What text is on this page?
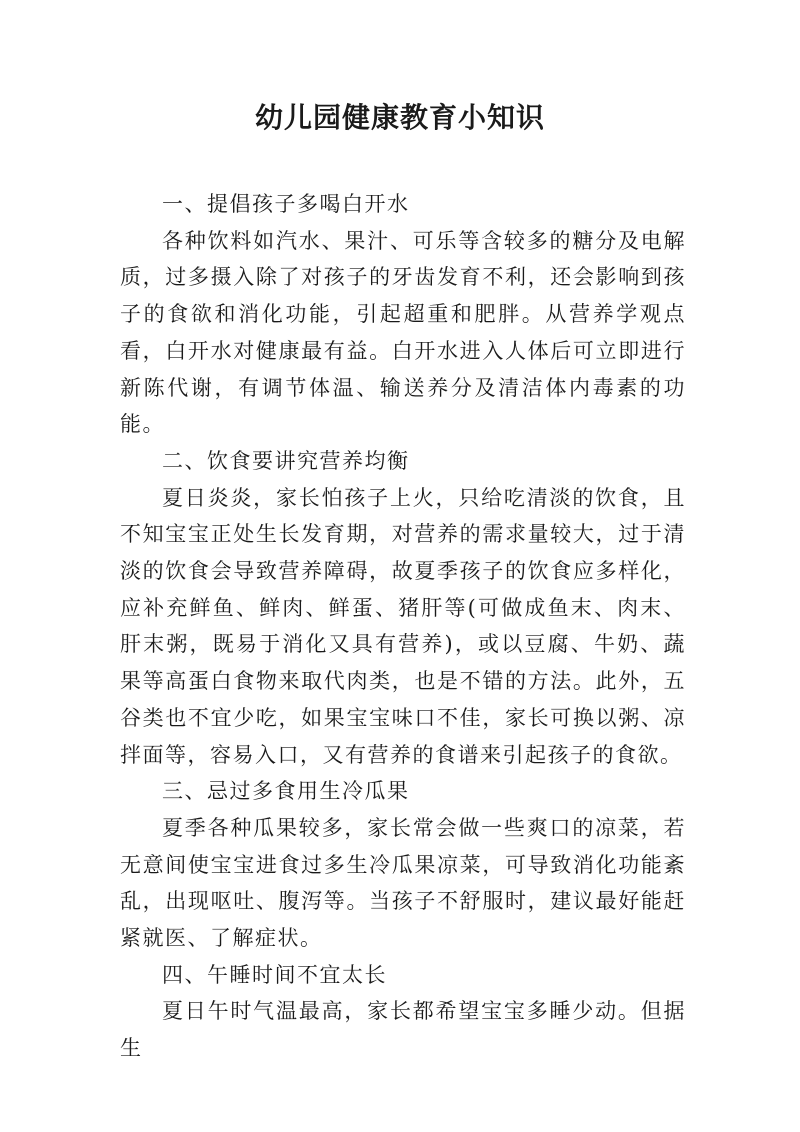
幼儿园健康教育小知识

一、提倡孩子多喝白开水

各种饮料如汽水、果汁、可乐等含较多的糖分及电解质，过多摄入除了对孩子的牙齿发育不利，还会影响到孩子的食欲和消化功能，引起超重和肥胖。从营养学观点看，白开水对健康最有益。白开水进入人体后可立即进行新陈代谢，有调节体温、输送养分及清洁体内毒素的功能。

二、饮食要讲究营养均衡

夏日炎炎，家长怕孩子上火，只给吃清淡的饮食，且不知宝宝正处生长发育期，对营养的需求量较大，过于清淡的饮食会导致营养障碍，故夏季孩子的饮食应多样化，应补充鲜鱼、鲜肉、鲜蛋、猪肝等(可做成鱼末、肉末、肝末粥，既易于消化又具有营养)，或以豆腐、牛奶、蔬果等高蛋白食物来取代肉类，也是不错的方法。此外，五谷类也不宜少吃，如果宝宝味口不佳，家长可换以粥、凉拌面等，容易入口，又有营养的食谱来引起孩子的食欲。

三、忌过多食用生冷瓜果

夏季各种瓜果较多，家长常会做一些爽口的凉菜，若无意间使宝宝进食过多生冷瓜果凉菜，可导致消化功能紊乱，出现呕吐、腹泻等。当孩子不舒服时，建议最好能赶紧就医、了解症状。

四、午睡时间不宜太长

夏日午时气温最高，家长都希望宝宝多睡少动。但据生
